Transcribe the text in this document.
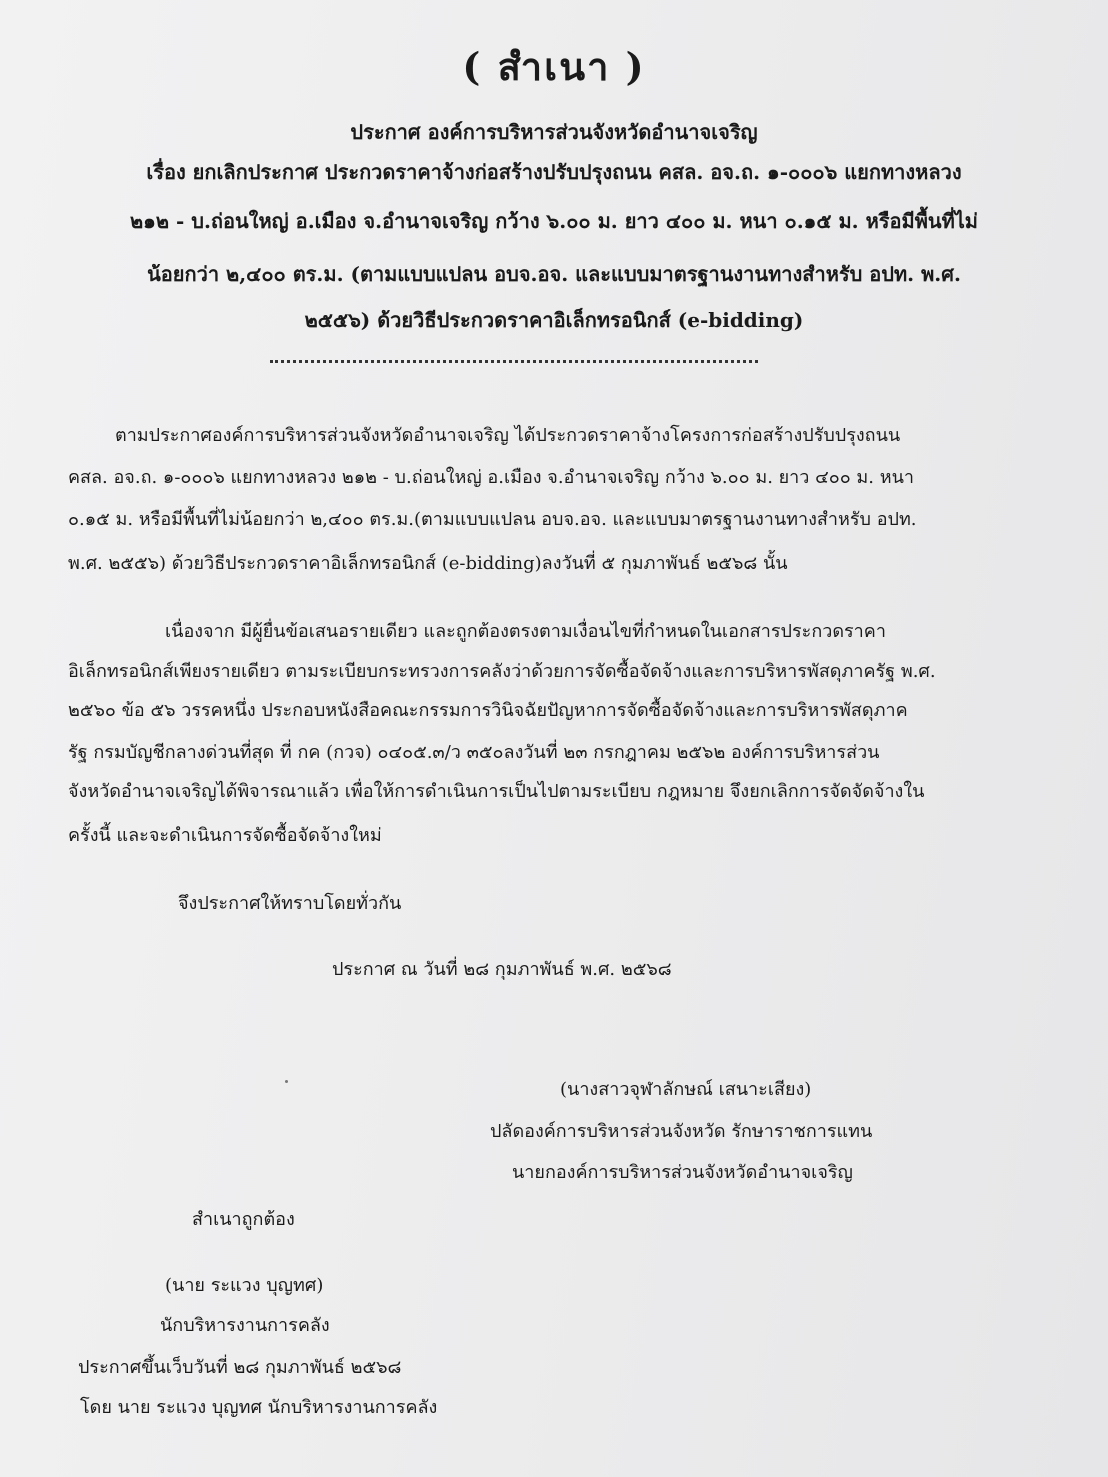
( สำเนา )
ประกาศ องค์การบริหารส่วนจังหวัดอำนาจเจริญ
เรื่อง ยกเลิกประกาศ ประกวดราคาจ้างก่อสร้างปรับปรุงถนน คสล. อจ.ถ. ๑-๐๐๐๖ แยกทางหลวง
๒๑๒ - บ.ถ่อนใหญ่ อ.เมือง จ.อำนาจเจริญ กว้าง ๖.๐๐ ม. ยาว ๔๐๐ ม. หนา ๐.๑๕ ม. หรือมีพื้นที่ไม่
น้อยกว่า ๒,๔๐๐ ตร.ม. (ตามแบบแปลน อบจ.อจ. และแบบมาตรฐานงานทางสำหรับ อปท. พ.ศ.
๒๕๕๖) ด้วยวิธีประกวดราคาอิเล็กทรอนิกส์ (e-bidding)
ตามประกาศองค์การบริหารส่วนจังหวัดอำนาจเจริญ ได้ประกวดราคาจ้างโครงการก่อสร้างปรับปรุงถนน
คสล. อจ.ถ. ๑-๐๐๐๖ แยกทางหลวง ๒๑๒ - บ.ถ่อนใหญ่ อ.เมือง จ.อำนาจเจริญ กว้าง ๖.๐๐ ม. ยาว ๔๐๐ ม. หนา
๐.๑๕ ม. หรือมีพื้นที่ไม่น้อยกว่า ๒,๔๐๐ ตร.ม.(ตามแบบแปลน อบจ.อจ. และแบบมาตรฐานงานทางสำหรับ อปท.
พ.ศ. ๒๕๕๖) ด้วยวิธีประกวดราคาอิเล็กทรอนิกส์ (e-bidding)ลงวันที่ ๕ กุมภาพันธ์ ๒๕๖๘ นั้น
เนื่องจาก มีผู้ยื่นข้อเสนอรายเดียว และถูกต้องตรงตามเงื่อนไขที่กำหนดในเอกสารประกวดราคา
อิเล็กทรอนิกส์เพียงรายเดียว ตามระเบียบกระทรวงการคลังว่าด้วยการจัดซื้อจัดจ้างและการบริหารพัสดุภาครัฐ พ.ศ.
๒๕๖๐ ข้อ ๕๖ วรรคหนึ่ง ประกอบหนังสือคณะกรรมการวินิจฉัยปัญหาการจัดซื้อจัดจ้างและการบริหารพัสดุภาค
รัฐ กรมบัญชีกลางด่วนที่สุด ที่ กค (กวจ) ๐๔๐๕.๓/ว ๓๕๐ลงวันที่ ๒๓ กรกฎาคม ๒๕๖๒ องค์การบริหารส่วน
จังหวัดอำนาจเจริญได้พิจารณาแล้ว เพื่อให้การดำเนินการเป็นไปตามระเบียบ กฎหมาย จึงยกเลิกการจัดจัดจ้างใน
ครั้งนี้ และจะดำเนินการจัดซื้อจัดจ้างใหม่
จึงประกาศให้ทราบโดยทั่วกัน
ประกาศ ณ วันที่ ๒๘ กุมภาพันธ์ พ.ศ. ๒๕๖๘
(นางสาวจุฬาลักษณ์ เสนาะเสียง)
ปลัดองค์การบริหารส่วนจังหวัด รักษาราชการแทน
นายกองค์การบริหารส่วนจังหวัดอำนาจเจริญ
สำเนาถูกต้อง
(นาย ระแวง บุญทศ)
นักบริหารงานการคลัง
ประกาศขึ้นเว็บวันที่ ๒๘ กุมภาพันธ์ ๒๕๖๘
โดย นาย ระแวง บุญทศ นักบริหารงานการคลัง
